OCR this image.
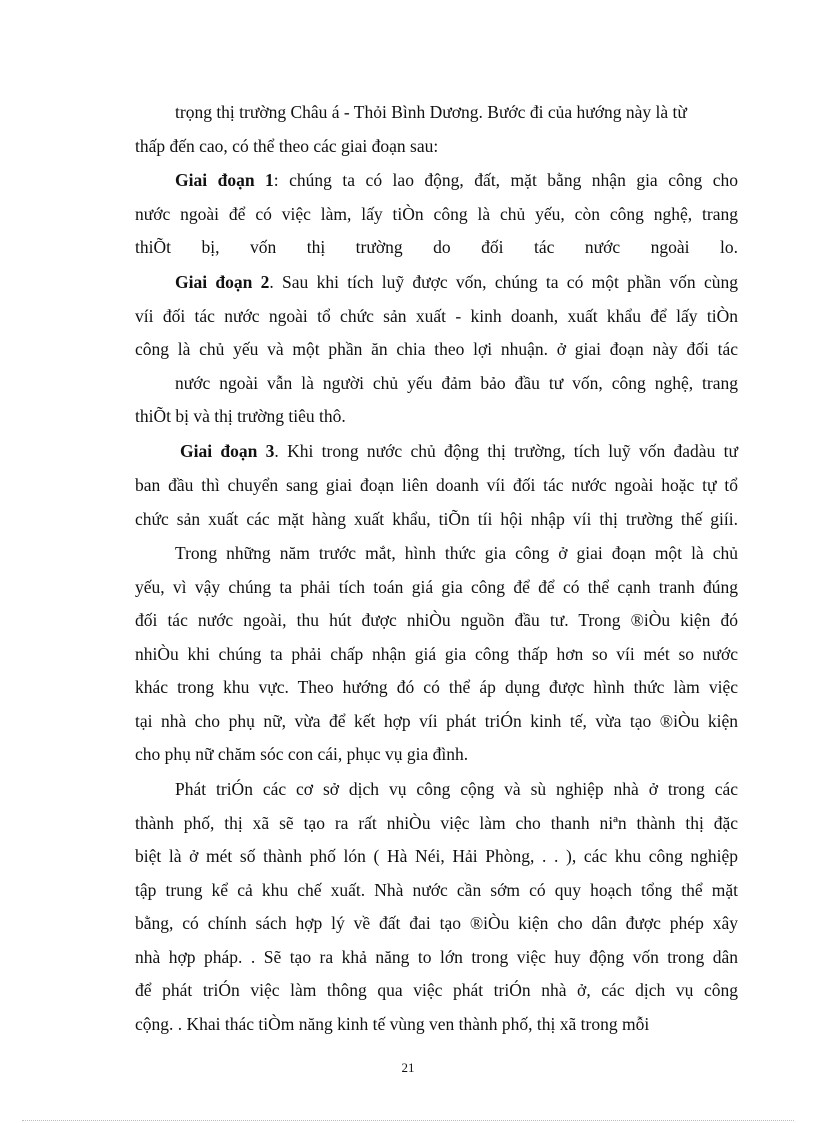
trọng thị trường Châu á - Thỏi Bình Dương. Bước đi của hướng này là từ
thấp đến cao, có thể theo các giai đoạn sau:
Giai đoạn 1: chúng ta có lao động, đất, mặt bằng nhận gia công cho
nước ngoài để có việc làm, lấy tiÒn công là chủ yếu, còn công nghệ, trang
thiÕt bị, vốn thị trường do đối tác nước ngoài lo.
Giai đoạn 2. Sau khi tích luỹ được vốn, chúng ta có một phần vốn cùng
víi đối tác nước ngoài tổ chức sản xuất - kinh doanh, xuất khẩu để lấy tiÒn
công là chủ yếu và một phần ăn chia theo lợi nhuận. ở giai đoạn này đối tác
nước ngoài vẫn là người chủ yếu đảm bảo đầu tư vốn, công nghệ, trang
thiÕt bị và thị trường tiêu thô.
Giai đoạn 3. Khi trong nước chủ động thị trường, tích luỹ vốn đadàu tư
ban đầu thì chuyển sang giai đoạn liên doanh víi đối tác nước ngoài hoặc tự tổ
chức sản xuất các mặt hàng xuất khẩu, tiÕn tíi hội nhập víi thị trường thế giíi.
Trong những năm trước mắt, hình thức gia công ở giai đoạn một là chủ
yếu, vì vậy chúng ta phải tích toán giá gia công để để có thể cạnh tranh đúng
đối tác nước ngoài, thu hút được nhiÒu nguồn đầu tư. Trong ®iÒu kiện đó
nhiÒu khi chúng ta phải chấp nhận giá gia công thấp hơn so víi mét so nước
khác trong khu vực. Theo hướng đó có thể áp dụng được hình thức làm việc
tại nhà cho phụ nữ, vừa để kết hợp víi phát triÓn kinh tế, vừa tạo ®iÒu kiện
cho phụ nữ chăm sóc con cái, phục vụ gia đình.
Phát triÓn các cơ sở dịch vụ công cộng và sù nghiệp nhà ở trong các
thành phố, thị xã sẽ tạo ra rất nhiÒu việc làm cho thanh niªn thành thị đặc
biệt là ở mét số thành phố lón ( Hà Néi, Hải Phòng, . . ), các khu công nghiệp
tập trung kể cả khu chế xuất. Nhà nước cần sớm có quy hoạch tổng thể mặt
bằng, có chính sách hợp lý về đất đai tạo ®iÒu kiện cho dân được phép xây
nhà hợp pháp. . Sẽ tạo ra khả năng to lớn trong việc huy động vốn trong dân
để phát triÓn việc làm thông qua việc phát triÓn nhà ở, các dịch vụ công
cộng. . Khai thác tiÒm năng kinh tế vùng ven thành phố, thị xã trong mỗi
21
